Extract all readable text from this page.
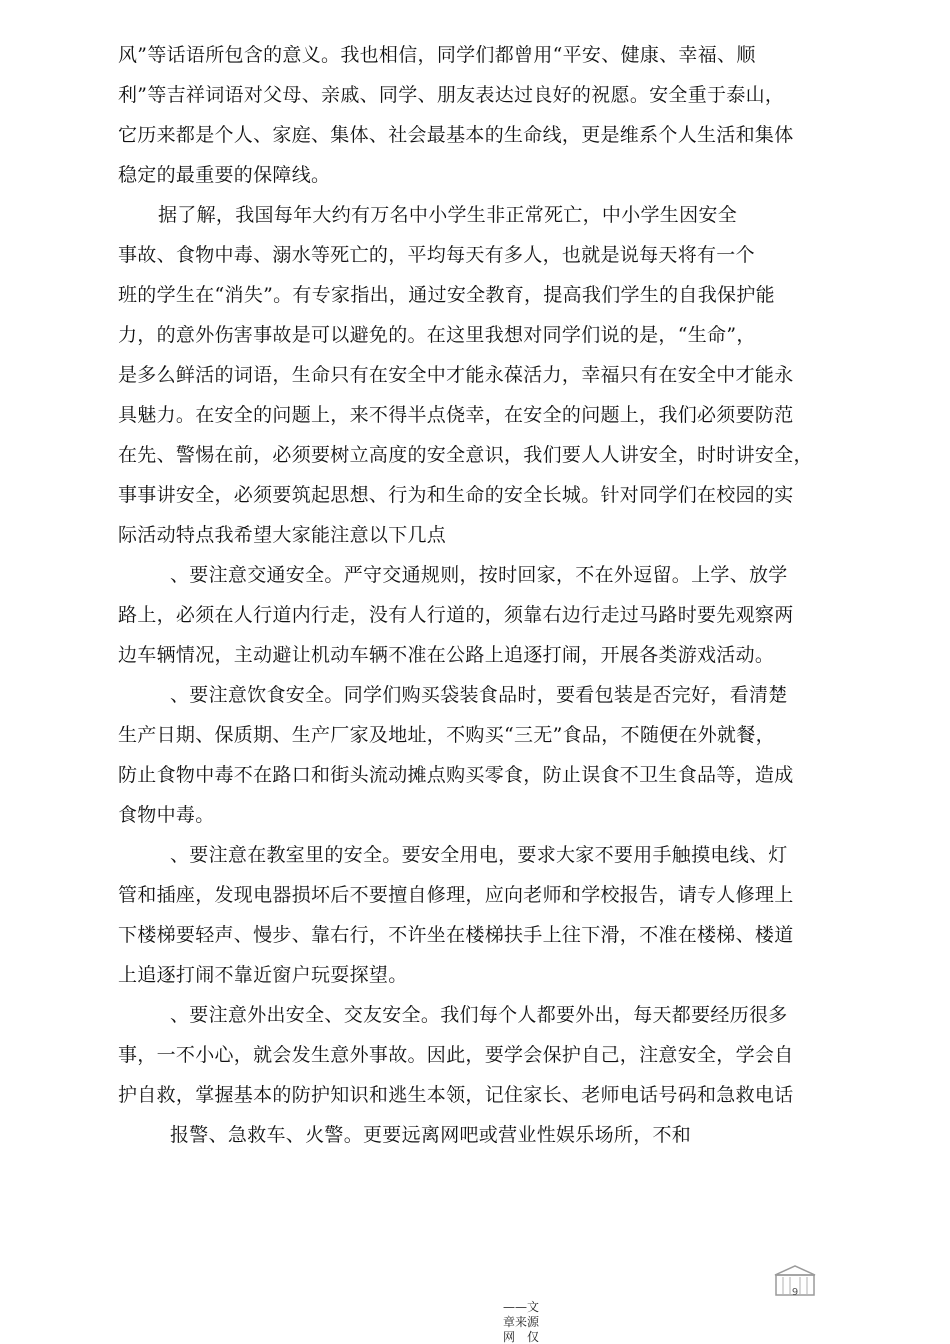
风”等话语所包含的意义。我也相信，同学们都曾用“平安、健康、幸福、顺
利”等吉祥词语对父母、亲戚、同学、朋友表达过良好的祝愿。安全重于泰山，
它历来都是个人、家庭、集体、社会最基本的生命线，更是维系个人生活和集体
稳定的最重要的保障线。
据了解，我国每年大约有万名中小学生非正常死亡，中小学生因安全
事故、食物中毒、溺水等死亡的，平均每天有多人，也就是说每天将有一个
班的学生在“消失”。有专家指出，通过安全教育，提高我们学生的自我保护能
力，的意外伤害事故是可以避免的。在这里我想对同学们说的是，“生命”，
是多么鲜活的词语，生命只有在安全中才能永葆活力，幸福只有在安全中才能永
具魅力。在安全的问题上，来不得半点侥幸，在安全的问题上，我们必须要防范
在先、警惕在前，必须要树立高度的安全意识，我们要人人讲安全，时时讲安全，
事事讲安全，必须要筑起思想、行为和生命的安全长城。针对同学们在校园的实
际活动特点我希望大家能注意以下几点
、要注意交通安全。严守交通规则，按时回家，不在外逗留。上学、放学
路上，必须在人行道内行走，没有人行道的，须靠右边行走过马路时要先观察两
边车辆情况，主动避让机动车辆不准在公路上追逐打闹，开展各类游戏活动。
、要注意饮食安全。同学们购买袋装食品时，要看包装是否完好，看清楚
生产日期、保质期、生产厂家及地址，不购买“三无”食品，不随便在外就餐，
防止食物中毒不在路口和街头流动摊点购买零食，防止误食不卫生食品等，造成
食物中毒。
、要注意在教室里的安全。要安全用电，要求大家不要用手触摸电线、灯
管和插座，发现电器损坏后不要擅自修理，应向老师和学校报告，请专人修理上
下楼梯要轻声、慢步、靠右行，不许坐在楼梯扶手上往下滑，不准在楼梯、楼道
上追逐打闹不靠近窗户玩耍探望。
、要注意外出安全、交友安全。我们每个人都要外出，每天都要经历很多
事，一不小心，就会发生意外事故。因此，要学会保护自己，注意安全，学会自
护自救，掌握基本的防护知识和逃生本领，记住家长、老师电话号码和急救电话
报警、急救车、火警。更要远离网吧或营业性娱乐场所，不和
9
——文
章来源
网　仅
